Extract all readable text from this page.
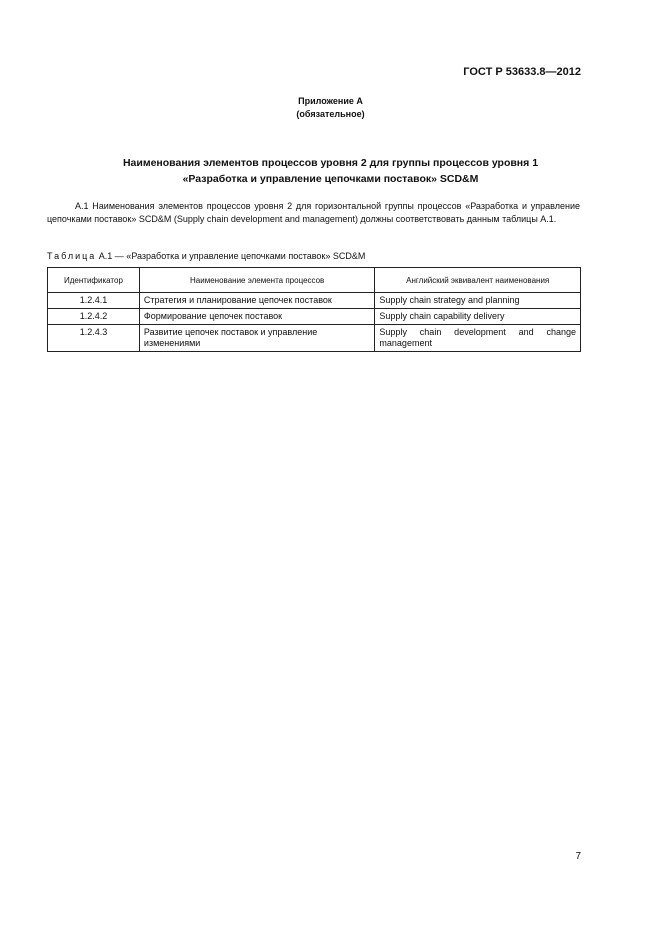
ГОСТ Р 53633.8—2012
Приложение А
(обязательное)
Наименования элементов процессов уровня 2 для группы процессов уровня 1
«Разработка и управление цепочками поставок» SCD&M

А.1 Наименования элементов процессов уровня 2 для горизонтальной группы процессов «Разработка и управление цепочками поставок» SCD&M (Supply chain development and management) должны соответствовать данным таблицы А.1.

Таблица А.1 — «Разработка и управление цепочками поставок» SCD&M
Идентификатор	Наименование элемента процессов	Английский эквивалент наименования
1.2.4.1	Стратегия и планирование цепочек поставок	Supply chain strategy and planning
1.2.4.2	Формирование цепочек поставок	Supply chain capability delivery
1.2.4.3	Развитие цепочек поставок и управление изменениями	Supply chain development and change management
7
